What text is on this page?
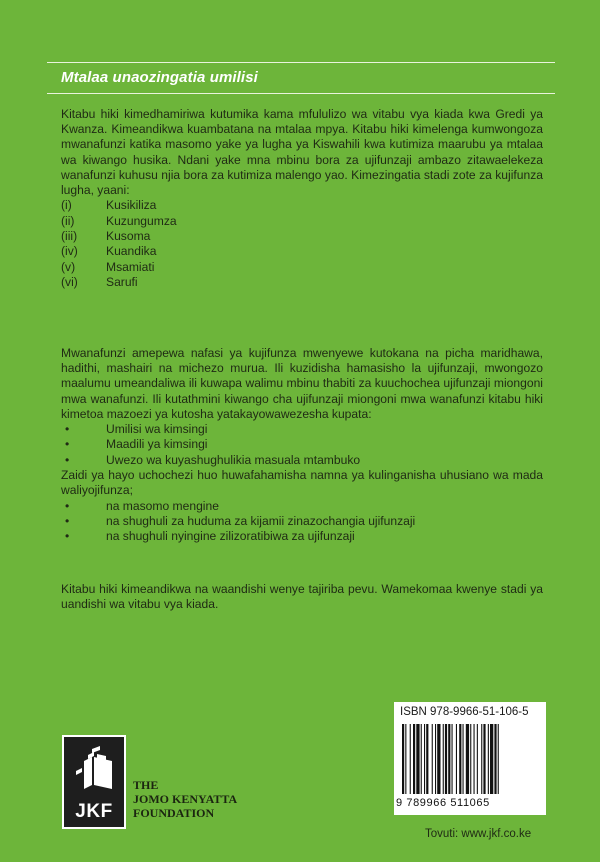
Mtalaa unaozingatia umilisi

Kitabu hiki kimedhamiriwa kutumika kama mfululizo wa vitabu vya kiada kwa Gredi ya Kwanza. Kimeandikwa kuambatana na mtalaa mpya. Kitabu hiki kimelenga kumwongoza mwanafunzi katika masomo yake ya lugha ya Kiswahili kwa kutimiza maarubu ya mtalaa wa kiwango husika. Ndani yake mna mbinu bora za ujifunzaji ambazo zitawaelekeza wanafunzi kuhusu njia bora za kutimiza malengo yao. Kimezingatia stadi zote za kujifunza lugha, yaani:

(i)	Kusikiliza
(ii)	Kuzungumza
(iii)	Kusoma
(iv)	Kuandika
(v)	Msamiati
(vi)	Sarufi

Mwanafunzi amepewa nafasi ya kujifunza mwenyewe kutokana na picha maridhawa, hadithi, mashairi na michezo murua. Ili kuzidisha hamasisho la ujifunzaji, mwongozo maalumu umeandaliwa ili kuwapa walimu mbinu thabiti za kuuchochea ujifunzaji miongoni mwa wanafunzi. Ili kutathmini kiwango cha ujifunzaji miongoni mwa wanafunzi kitabu hiki kimetoa mazoezi ya kutosha yatakayowawezesha kupata:

•	Umilisi wa kimsingi
•	Maadili ya kimsingi
•	Uwezo wa kuyashughulikia masuala mtambuko

Zaidi ya hayo uchochezi huo huwafahamisha namna ya kulinganisha uhusiano wa mada waliyojifunza;

•	na masomo mengine
•	na shughuli za huduma za kijamii zinazochangia ujifunzaji
•	na shughuli nyingine zilizoratibiwa za ujifunzaji

Kitabu hiki kimeandikwa na waandishi wenye tajiriba pevu. Wamekomaa kwenye stadi ya uandishi wa vitabu vya kiada.

JKF
THE
JOMO KENYATTA
FOUNDATION
ISBN 978-9966-51-106-5
9 789966 511065
Tovuti: www.jkf.co.ke
